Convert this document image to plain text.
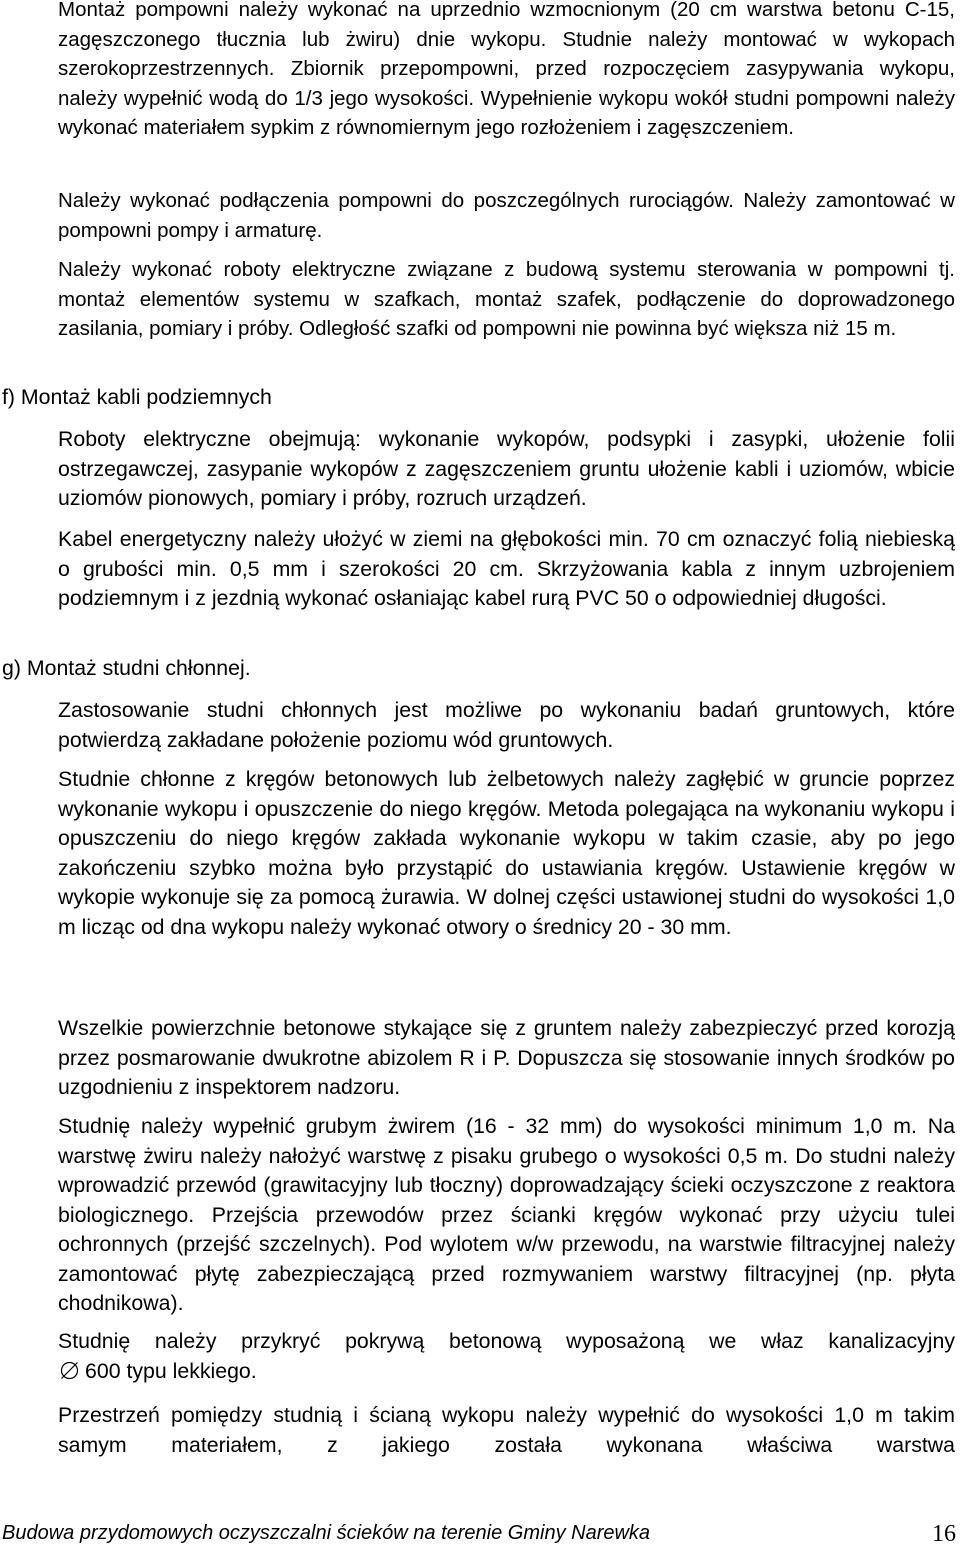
Montaż pompowni należy wykonać na uprzednio wzmocnionym (20 cm warstwa betonu C-15, zagęszczonego tłucznia lub żwiru) dnie wykopu. Studnie należy montować w wykopach szerokoprzestrzennych. Zbiornik przepompowni, przed rozpoczęciem zasypywania wykopu, należy wypełnić wodą do 1/3 jego wysokości. Wypełnienie wykopu wokół studni pompowni należy wykonać materiałem sypkim z równomiernym jego rozłożeniem i zagęszczeniem.

Należy wykonać podłączenia pompowni do poszczególnych rurociągów. Należy zamontować w pompowni pompy i armaturę.

Należy wykonać roboty elektryczne związane z budową systemu sterowania w pompowni tj. montaż elementów systemu w szafkach, montaż szafek, podłączenie do doprowadzonego zasilania, pomiary i próby. Odległość szafki od pompowni nie powinna być większa niż 15 m.

f) Montaż kabli podziemnych

Roboty elektryczne obejmują: wykonanie wykopów, podsypki i zasypki, ułożenie folii ostrzegawczej, zasypanie wykopów z zagęszczeniem gruntu ułożenie kabli i uziomów, wbicie uziomów pionowych, pomiary i próby, rozruch urządzeń.

Kabel energetyczny należy ułożyć w ziemi na głębokości min. 70 cm oznaczyć folią niebieską o grubości min. 0,5 mm i szerokości 20 cm. Skrzyżowania kabla z innym uzbrojeniem podziemnym i z jezdnią wykonać osłaniając kabel rurą PVC 50 o odpowiedniej długości.

g) Montaż studni chłonnej.

Zastosowanie studni chłonnych jest możliwe po wykonaniu badań gruntowych, które potwierdzą zakładane położenie poziomu wód gruntowych.

Studnie chłonne z kręgów betonowych lub żelbetowych należy zagłębić w gruncie poprzez wykonanie wykopu i opuszczenie do niego kręgów. Metoda polegająca na wykonaniu wykopu i opuszczeniu do niego kręgów zakłada wykonanie wykopu w takim czasie, aby po jego zakończeniu szybko można było przystąpić do ustawiania kręgów. Ustawienie kręgów w wykopie wykonuje się za pomocą żurawia. W dolnej części ustawionej studni do wysokości 1,0 m licząc od dna wykopu należy wykonać otwory o średnicy 20 - 30 mm.

Wszelkie powierzchnie betonowe stykające się z gruntem należy zabezpieczyć przed korozją przez posmarowanie dwukrotne abizolem R i P. Dopuszcza się stosowanie innych środków po uzgodnieniu z inspektorem nadzoru.

Studnię należy wypełnić grubym żwirem (16 - 32 mm) do wysokości minimum 1,0 m. Na warstwę żwiru należy nałożyć warstwę z pisaku grubego o wysokości 0,5 m. Do studni należy wprowadzić przewód (grawitacyjny lub tłoczny) doprowadzający ścieki oczyszczone z reaktora biologicznego. Przejścia przewodów przez ścianki kręgów wykonać przy użyciu tulei ochronnych (przejść szczelnych). Pod wylotem w/w przewodu, na warstwie filtracyjnej należy zamontować płytę zabezpieczającą przed rozmywaniem warstwy filtracyjnej (np. płyta chodnikowa).

Studnię należy przykryć pokrywą betonową wyposażoną we właz kanalizacyjny
600 typu lekkiego.

Przestrzeń pomiędzy studnią i ścianą wykopu należy wypełnić do wysokości 1,0 m takim samym materiałem, z jakiego została wykonana właściwa warstwa

Budowa przydomowych oczyszczalni ścieków na terenie Gminy Narewka	16
